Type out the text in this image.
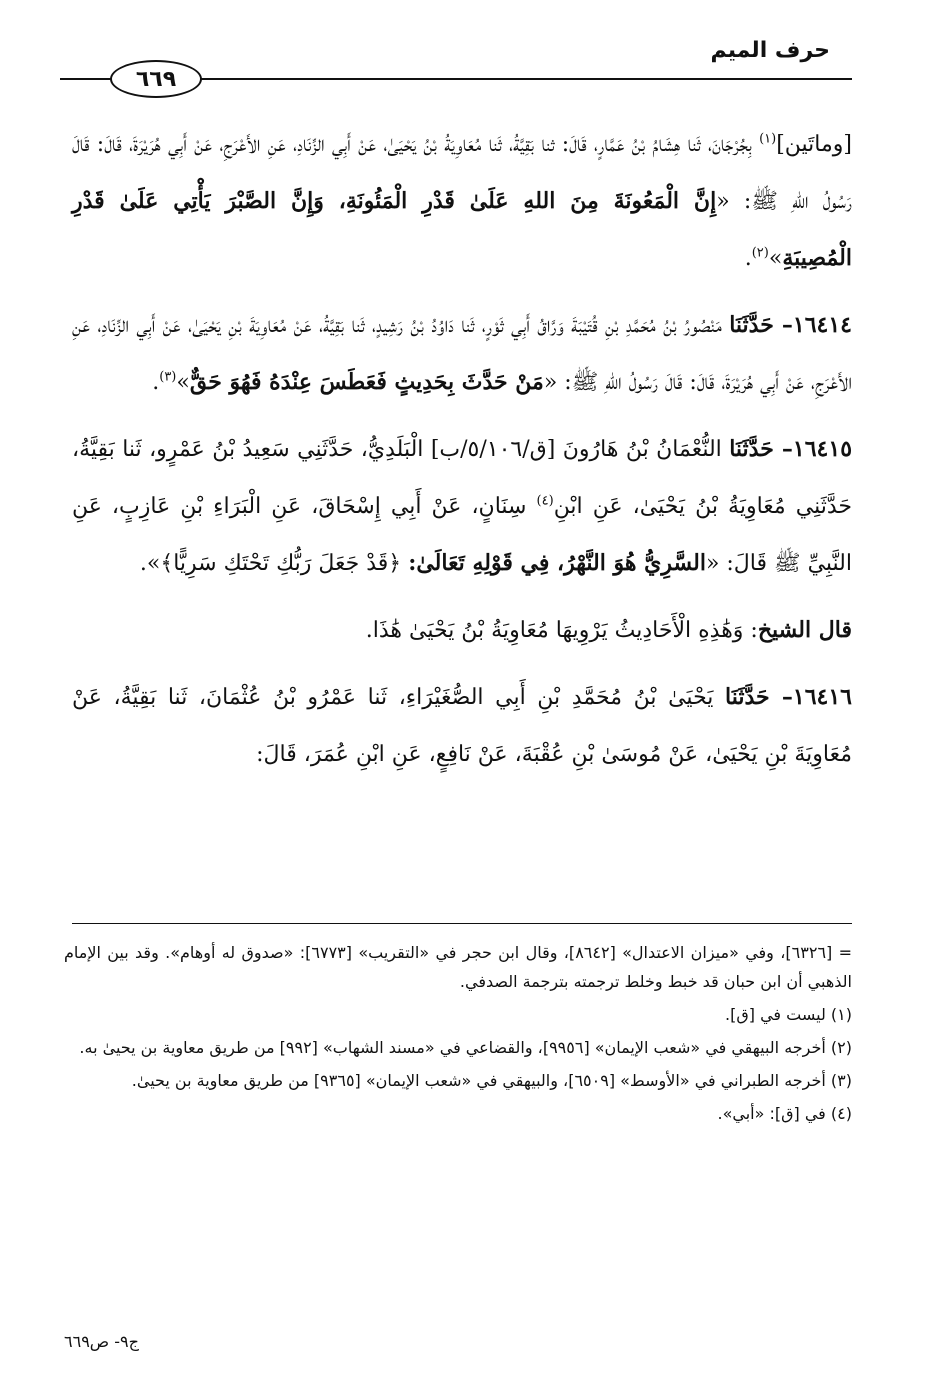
حرف الميم
٦٦٩

[وماتَين]$^{(١)}$ بِجُرْجَانَ، ثَنا هِشَامُ بْنُ عَمَّارٍ، قَالَ: ثنا بَقِيَّةُ، ثَنا مُعَاوِيَةُ بْنُ يَحْيَىٰ، عَنْ أَبِي الزِّنَادِ، عَنِ الأَعْرَجِ، عَنْ أَبِي هُرَيْرَةَ، قَالَ: قَالَ رَسُولُ اللهِ ﷺ: «إِنَّ الْمَعُونَةَ مِنَ اللهِ عَلَىٰ قَدْرِ الْمَئُونَةِ، وَإِنَّ الصَّبْرَ يَأْتِي عَلَىٰ قَدْرِ الْمُصِيبَةِ»$^{(٢)}$.

١٦٤١٤– حَدَّثَنَا مَنْصُورُ بْنُ مُحَمَّدِ بْنِ قُتَيْبَةَ وَرَّاقُ أَبِي ثَوْرٍ، ثَنا دَاوُدُ بْنُ رَشِيدٍ، ثَنا بَقِيَّةُ، عَنْ مُعَاوِيَةَ بْنِ يَحْيَىٰ، عَنْ أَبِي الزِّنَادِ، عَنِ الأَعْرَجِ، عَنْ أَبِي هُرَيْرَةَ، قَالَ: قَالَ رَسُولُ اللهِ ﷺ: «مَنْ حَدَّثَ بِحَدِيثٍ فَعَطَسَ عِنْدَهُ فَهُوَ حَقٌّ»$^{(٣)}$.

١٦٤١٥– حَدَّثَنَا النُّعْمَانُ بْنُ هَارُونَ [ق/٥/١٠٦/ب] الْبَلَدِيُّ، حَدَّثَنِي سَعِيدُ بْنُ عَمْرٍو، ثَنا بَقِيَّةُ، حَدَّثَنِي مُعَاوِيَةُ بْنُ يَحْيَىٰ، عَنِ ابْنِ$^{(٤)}$ سِنَانٍ، عَنْ أَبِي إِسْحَاقَ، عَنِ الْبَرَاءِ بْنِ عَازِبٍ، عَنِ النَّبِيِّ ﷺ قَالَ: «السَّرِيُّ هُوَ النَّهْرُ، فِي قَوْلِهِ تَعَالَىٰ: ﴿قَدْ جَعَلَ رَبُّكِ تَحْتَكِ سَرِيًّا﴾».

قال الشيخ: وَهَٰذِهِ الْأَحَادِيثُ يَرْوِيهَا مُعَاوِيَةُ بْنُ يَحْيَىٰ هَٰذَا.

١٦٤١٦– حَدَّثَنَا يَحْيَىٰ بْنُ مُحَمَّدِ بْنِ أَبِي الصُّغَيْرَاءِ، ثَنا عَمْرُو بْنُ عُثْمَانَ، ثَنا بَقِيَّةُ، عَنْ مُعَاوِيَةَ بْنِ يَحْيَىٰ، عَنْ مُوسَىٰ بْنِ عُقْبَةَ، عَنْ نَافِعٍ، عَنِ ابْنِ عُمَرَ، قَالَ:

= [٦٣٢٦]، وفي «ميزان الاعتدال» [٨٦٤٢]، وقال ابن حجر في «التقريب» [٦٧٧٣]: «صدوق له أوهام». وقد بين الإمام الذهبي أن ابن حبان قد خبط وخلط ترجمته بترجمة الصدفي.

(١) ليست في [ق].

(٢) أخرجه البيهقي في «شعب الإيمان» [٩٩٥٦]، والقضاعي في «مسند الشهاب» [٩٩٢] من طريق معاوية بن يحيىٰ به.

(٣) أخرجه الطبراني في «الأوسط» [٦٥٠٩]، والبيهقي في «شعب الإيمان» [٩٣٦٥] من طريق معاوية بن يحيىٰ.

(٤) في [ق]: «أبي».

ج٩- ص٦٦٩
